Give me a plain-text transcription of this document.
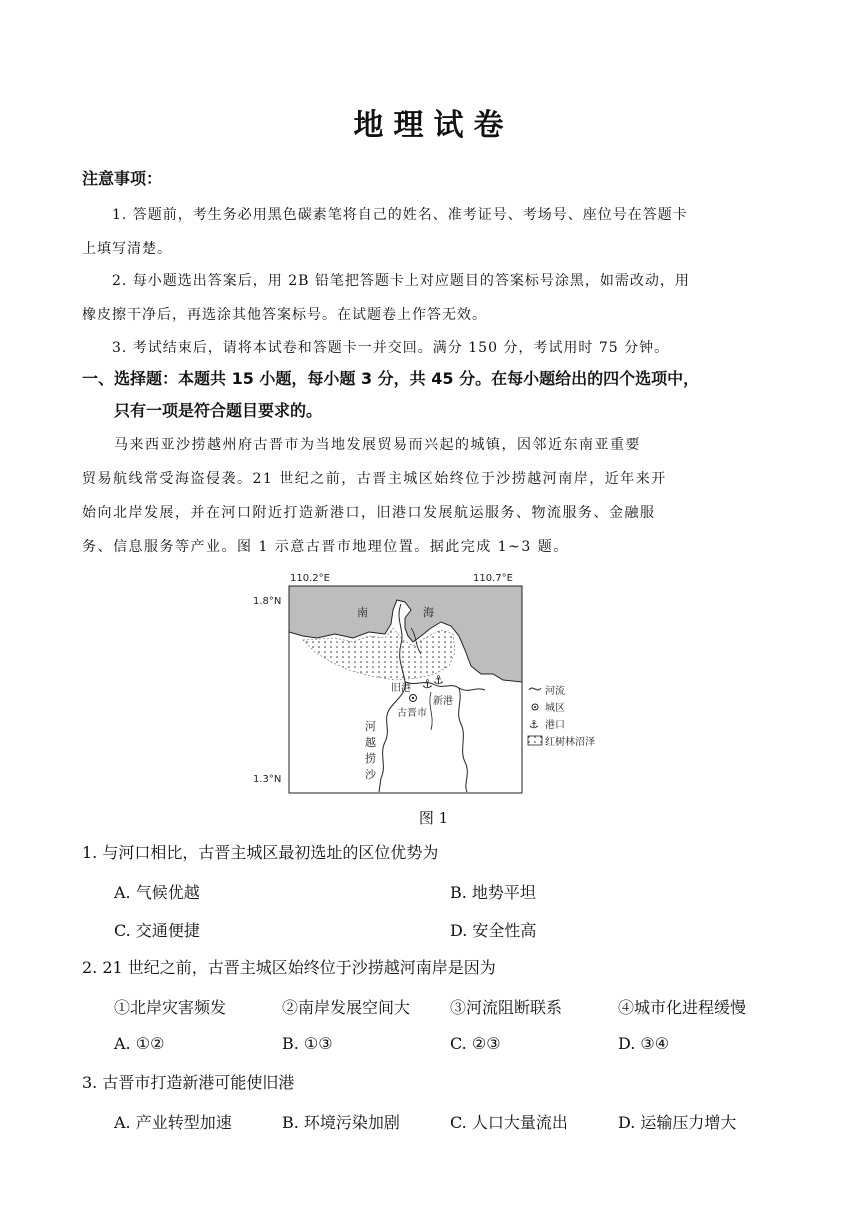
地理试卷
注意事项：
1. 答题前，考生务必用黑色碳素笔将自己的姓名、准考证号、考场号、座位号在答题卡
上填写清楚。
2. 每小题选出答案后，用 2B 铅笔把答题卡上对应题目的答案标号涂黑，如需改动，用
橡皮擦干净后，再选涂其他答案标号。在试题卷上作答无效。
3. 考试结束后，请将本试卷和答题卡一并交回。满分 150 分，考试用时 75 分钟。
一、选择题：本题共 15 小题，每小题 3 分，共 45 分。在每小题给出的四个选项中，
只有一项是符合题目要求的。
马来西亚沙捞越州府古晋市为当地发展贸易而兴起的城镇，因邻近东南亚重要
贸易航线常受海盗侵袭。21 世纪之前，古晋主城区始终位于沙捞越河南岸，近年来开
始向北岸发展，并在河口附近打造新港口，旧港口发展航运服务、物流服务、金融服
务、信息服务等产业。图 1 示意古晋市地理位置。据此完成 1~3 题。
110.2°E	110.7°E
1.8°N
1.3°N
南	海
旧港 ⚓ ⚓
新港
古晋市
河
越
捞
沙
河流
城区
⚓ 港口
红树林沼泽
图 1
1. 与河口相比，古晋主城区最初选址的区位优势为
A. 气候优越	B. 地势平坦
C. 交通便捷	D. 安全性高
2. 21 世纪之前，古晋主城区始终位于沙捞越河南岸是因为
①北岸灾害频发	②南岸发展空间大 ③河流阻断联系	④城市化进程缓慢
A. ①②	B. ①③	C. ②③	D. ③④
3. 古晋市打造新港可能使旧港
A. 产业转型加速	B. 环境污染加剧	C. 人口大量流出	D. 运输压力增大
